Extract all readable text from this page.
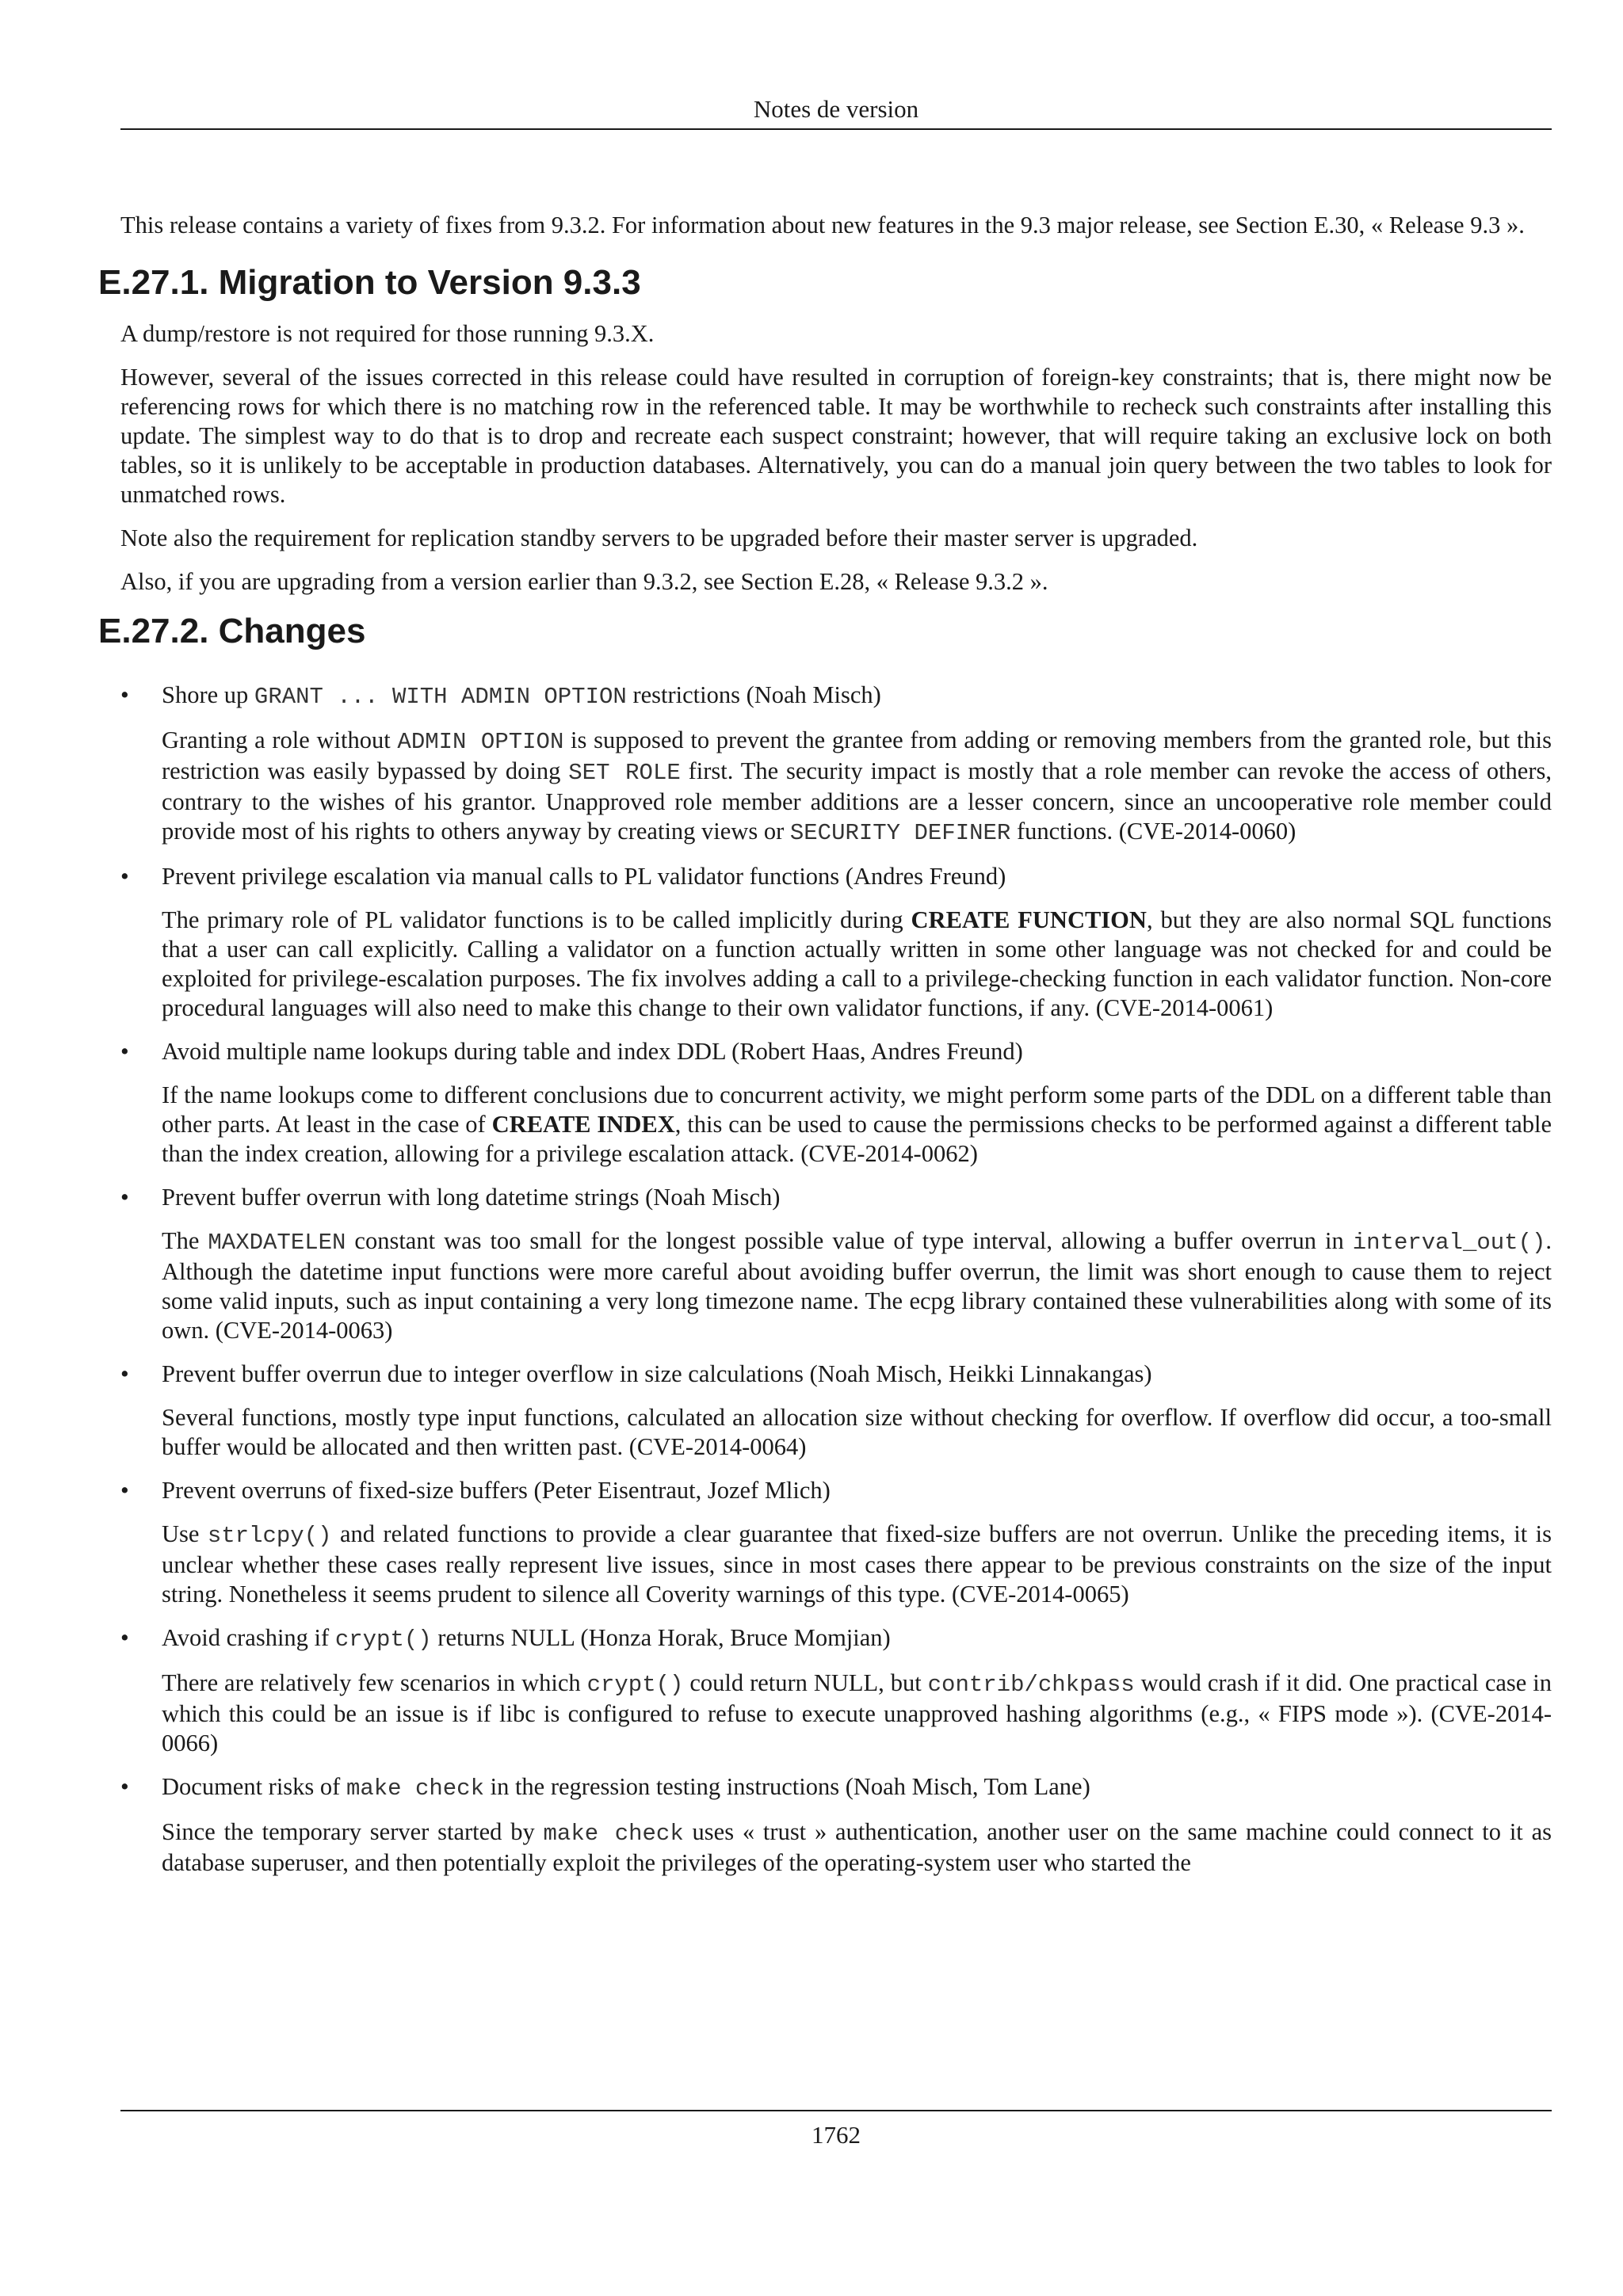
Notes de version

This release contains a variety of fixes from 9.3.2. For information about new features in the 9.3 major release, see Section E.30, « Release 9.3 ».

E.27.1. Migration to Version 9.3.3

A dump/restore is not required for those running 9.3.X.

However, several of the issues corrected in this release could have resulted in corruption of foreign-key constraints; that is, there might now be referencing rows for which there is no matching row in the referenced table. It may be worthwhile to recheck such constraints after installing this update. The simplest way to do that is to drop and recreate each suspect constraint; however, that will require taking an exclusive lock on both tables, so it is unlikely to be acceptable in production databases. Alternatively, you can do a manual join query between the two tables to look for unmatched rows.

Note also the requirement for replication standby servers to be upgraded before their master server is upgraded.

Also, if you are upgrading from a version earlier than 9.3.2, see Section E.28, « Release 9.3.2 ».

E.27.2. Changes
• Shore up GRANT ... WITH ADMIN OPTION restrictions (Noah Misch)

Granting a role without ADMIN OPTION is supposed to prevent the grantee from adding or removing members from the granted role, but this restriction was easily bypassed by doing SET ROLE first. The security impact is mostly that a role member can revoke the access of others, contrary to the wishes of his grantor. Unapproved role member additions are a lesser concern, since an uncooperative role member could provide most of his rights to others anyway by creating views or SECURITY DEFINER functions. (CVE-2014-0060)

• Prevent privilege escalation via manual calls to PL validator functions (Andres Freund)

The primary role of PL validator functions is to be called implicitly during CREATE FUNCTION, but they are also normal SQL functions that a user can call explicitly. Calling a validator on a function actually written in some other language was not checked for and could be exploited for privilege-escalation purposes. The fix involves adding a call to a privilege-checking function in each validator function. Non-core procedural languages will also need to make this change to their own validator functions, if any. (CVE-2014-0061)

• Avoid multiple name lookups during table and index DDL (Robert Haas, Andres Freund)

If the name lookups come to different conclusions due to concurrent activity, we might perform some parts of the DDL on a different table than other parts. At least in the case of CREATE INDEX, this can be used to cause the permissions checks to be performed against a different table than the index creation, allowing for a privilege escalation attack. (CVE-2014-0062)

• Prevent buffer overrun with long datetime strings (Noah Misch)

The MAXDATELEN constant was too small for the longest possible value of type interval, allowing a buffer overrun in interval_out(). Although the datetime input functions were more careful about avoiding buffer overrun, the limit was short enough to cause them to reject some valid inputs, such as input containing a very long timezone name. The ecpg library contained these vulnerabilities along with some of its own. (CVE-2014-0063)

• Prevent buffer overrun due to integer overflow in size calculations (Noah Misch, Heikki Linnakangas)

Several functions, mostly type input functions, calculated an allocation size without checking for overflow. If overflow did occur, a too-small buffer would be allocated and then written past. (CVE-2014-0064)

• Prevent overruns of fixed-size buffers (Peter Eisentraut, Jozef Mlich)

Use strlcpy() and related functions to provide a clear guarantee that fixed-size buffers are not overrun. Unlike the preceding items, it is unclear whether these cases really represent live issues, since in most cases there appear to be previous constraints on the size of the input string. Nonetheless it seems prudent to silence all Coverity warnings of this type. (CVE-2014-0065)

• Avoid crashing if crypt() returns NULL (Honza Horak, Bruce Momjian)

There are relatively few scenarios in which crypt() could return NULL, but contrib/chkpass would crash if it did. One practical case in which this could be an issue is if libc is configured to refuse to execute unapproved hashing algorithms (e.g., « FIPS mode »). (CVE-2014-0066)

• Document risks of make check in the regression testing instructions (Noah Misch, Tom Lane)

Since the temporary server started by make check uses « trust » authentication, another user on the same machine could connect to it as database superuser, and then potentially exploit the privileges of the operating-system user who started the

1762
